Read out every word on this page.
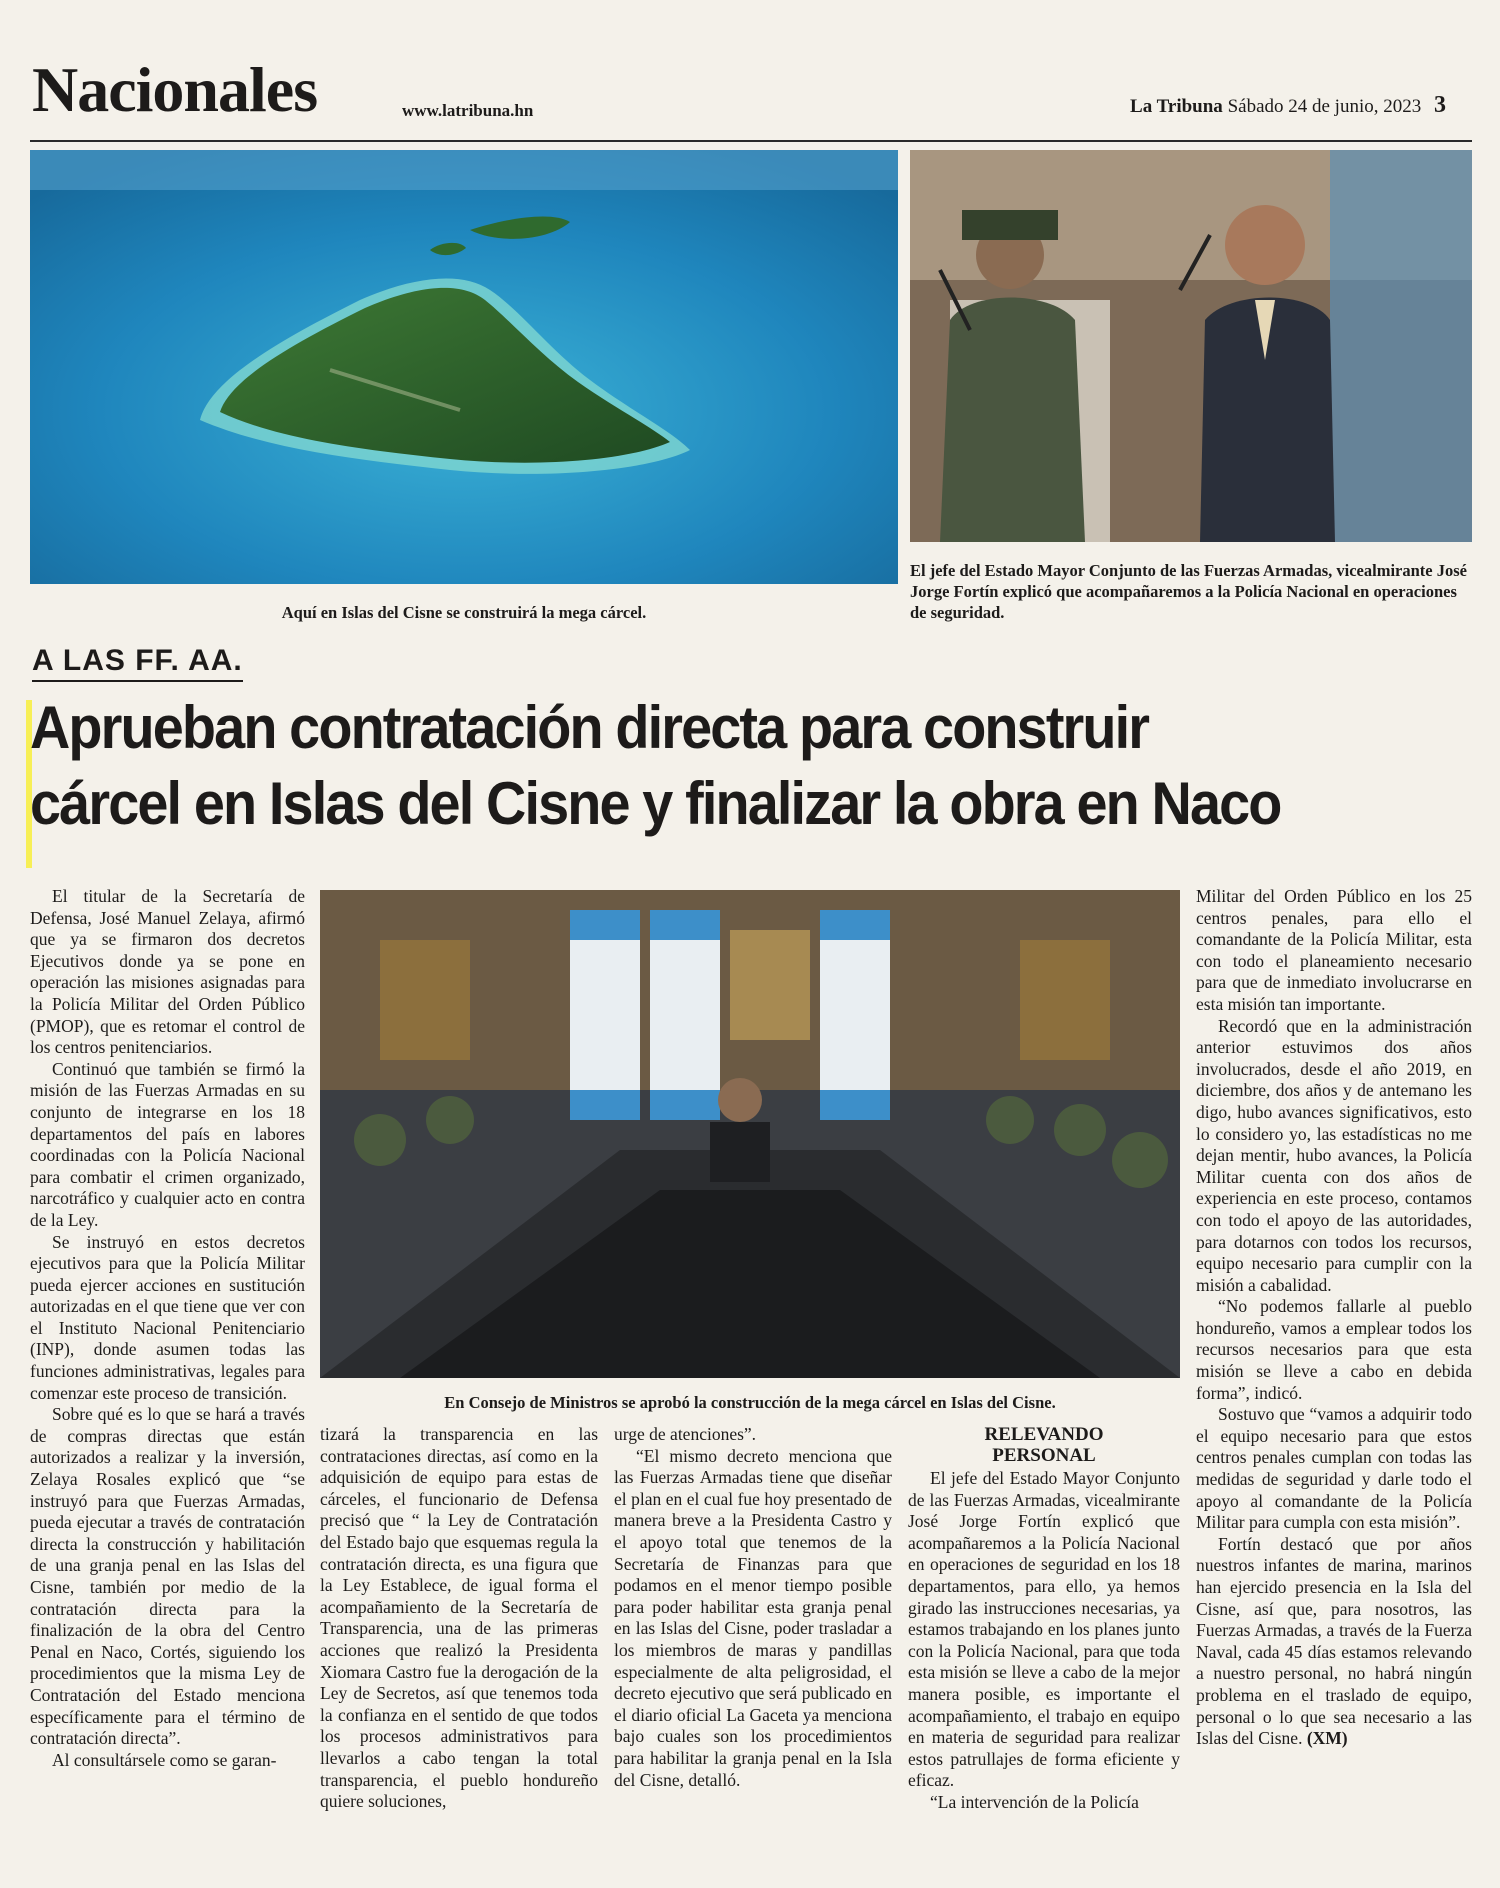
Nacionales	www.latribuna.hn	La Tribuna Sábado 24 de junio, 2023 3
Aquí en Islas del Cisne se construirá la mega cárcel.
El jefe del Estado Mayor Conjunto de las Fuerzas Armadas, vicealmirante José Jorge Fortín explicó que acompañaremos a la Policía Nacional en operaciones de seguridad.
A LAS FF. AA.
Aprueban contratación directa para construir
cárcel en Islas del Cisne y finalizar la obra en Naco

El titular de la Secretaría de Defensa, José Manuel Zelaya, afirmó que ya se firmaron dos decretos Ejecutivos donde ya se pone en operación las misiones asignadas para la Policía Militar del Orden Público (PMOP), que es retomar el control de los centros penitenciarios.

Continuó que también se firmó la misión de las Fuerzas Armadas en su conjunto de integrarse en los 18 departamentos del país en labores coordinadas con la Policía Nacional para combatir el crimen organizado, narcotráfico y cualquier acto en contra de la Ley.

Se instruyó en estos decretos ejecutivos para que la Policía Militar pueda ejercer acciones en sustitución autorizadas en el que tiene que ver con el Instituto Nacional Penitenciario (INP), donde asumen todas las funciones administrativas, legales para comenzar este proceso de transición.

Sobre qué es lo que se hará a través de compras directas que están autorizados a realizar y la inversión, Zelaya Rosales explicó que “se instruyó para que Fuerzas Armadas, pueda ejecutar a través de contratación directa la construcción y habilitación de una granja penal en las Islas del Cisne, también por medio de la contratación directa para la finalización de la obra del Centro Penal en Naco, Cortés, siguiendo los procedimientos que la misma Ley de Contratación del Estado menciona específicamente para el término de contratación directa”.

Al consultársele como se garan-

En Consejo de Ministros se aprobó la construcción de la mega cárcel en Islas del Cisne.

tizará la transparencia en las contrataciones directas, así como en la adquisición de equipo para estas de cárceles, el funcionario de Defensa precisó que “ la Ley de Contratación del Estado bajo que esquemas regula la contratación directa, es una figura que la Ley Establece, de igual forma el acompañamiento de la Secretaría de Transparencia, una de las primeras acciones que realizó la Presidenta Xiomara Castro fue la derogación de la Ley de Secretos, así que tenemos toda la confianza en el sentido de que todos los procesos administrativos para llevarlos a cabo tengan la total transparencia, el pueblo hondureño quiere soluciones,

urge de atenciones”.

“El mismo decreto menciona que las Fuerzas Armadas tiene que diseñar el plan en el cual fue hoy presentado de manera breve a la Presidenta Castro y el apoyo total que tenemos de la Secretaría de Finanzas para que podamos en el menor tiempo posible para poder habilitar esta granja penal en las Islas del Cisne, poder trasladar a los miembros de maras y pandillas especialmente de alta peligrosidad, el decreto ejecutivo que será publicado en el diario oficial La Gaceta ya menciona bajo cuales son los procedimientos para habilitar la granja penal en la Isla del Cisne, detalló.

RELEVANDO
PERSONAL

El jefe del Estado Mayor Conjunto de las Fuerzas Armadas, vicealmirante José Jorge Fortín explicó que acompañaremos a la Policía Nacional en operaciones de seguridad en los 18 departamentos, para ello, ya hemos girado las instrucciones necesarias, ya estamos trabajando en los planes junto con la Policía Nacional, para que toda esta misión se lleve a cabo de la mejor manera posible, es importante el acompañamiento, el trabajo en equipo en materia de seguridad para realizar estos patrullajes de forma eficiente y eficaz.

“La intervención de la Policía

Militar del Orden Público en los 25 centros penales, para ello el comandante de la Policía Militar, esta con todo el planeamiento necesario para que de inmediato involucrarse en esta misión tan importante.

Recordó que en la administración anterior estuvimos dos años involucrados, desde el año 2019, en diciembre, dos años y de antemano les digo, hubo avances significativos, esto lo considero yo, las estadísticas no me dejan mentir, hubo avances, la Policía Militar cuenta con dos años de experiencia en este proceso, contamos con todo el apoyo de las autoridades, para dotarnos con todos los recursos, equipo necesario para cumplir con la misión a cabalidad.

“No podemos fallarle al pueblo hondureño, vamos a emplear todos los recursos necesarios para que esta misión se lleve a cabo en debida forma”, indicó.

Sostuvo que “vamos a adquirir todo el equipo necesario para que estos centros penales cumplan con todas las medidas de seguridad y darle todo el apoyo al comandante de la Policía Militar para cumpla con esta misión”.

Fortín destacó que por años nuestros infantes de marina, marinos han ejercido presencia en la Isla del Cisne, así que, para nosotros, las Fuerzas Armadas, a través de la Fuerza Naval, cada 45 días estamos relevando a nuestro personal, no habrá ningún problema en el traslado de equipo, personal o lo que sea necesario a las Islas del Cisne. (XM)
